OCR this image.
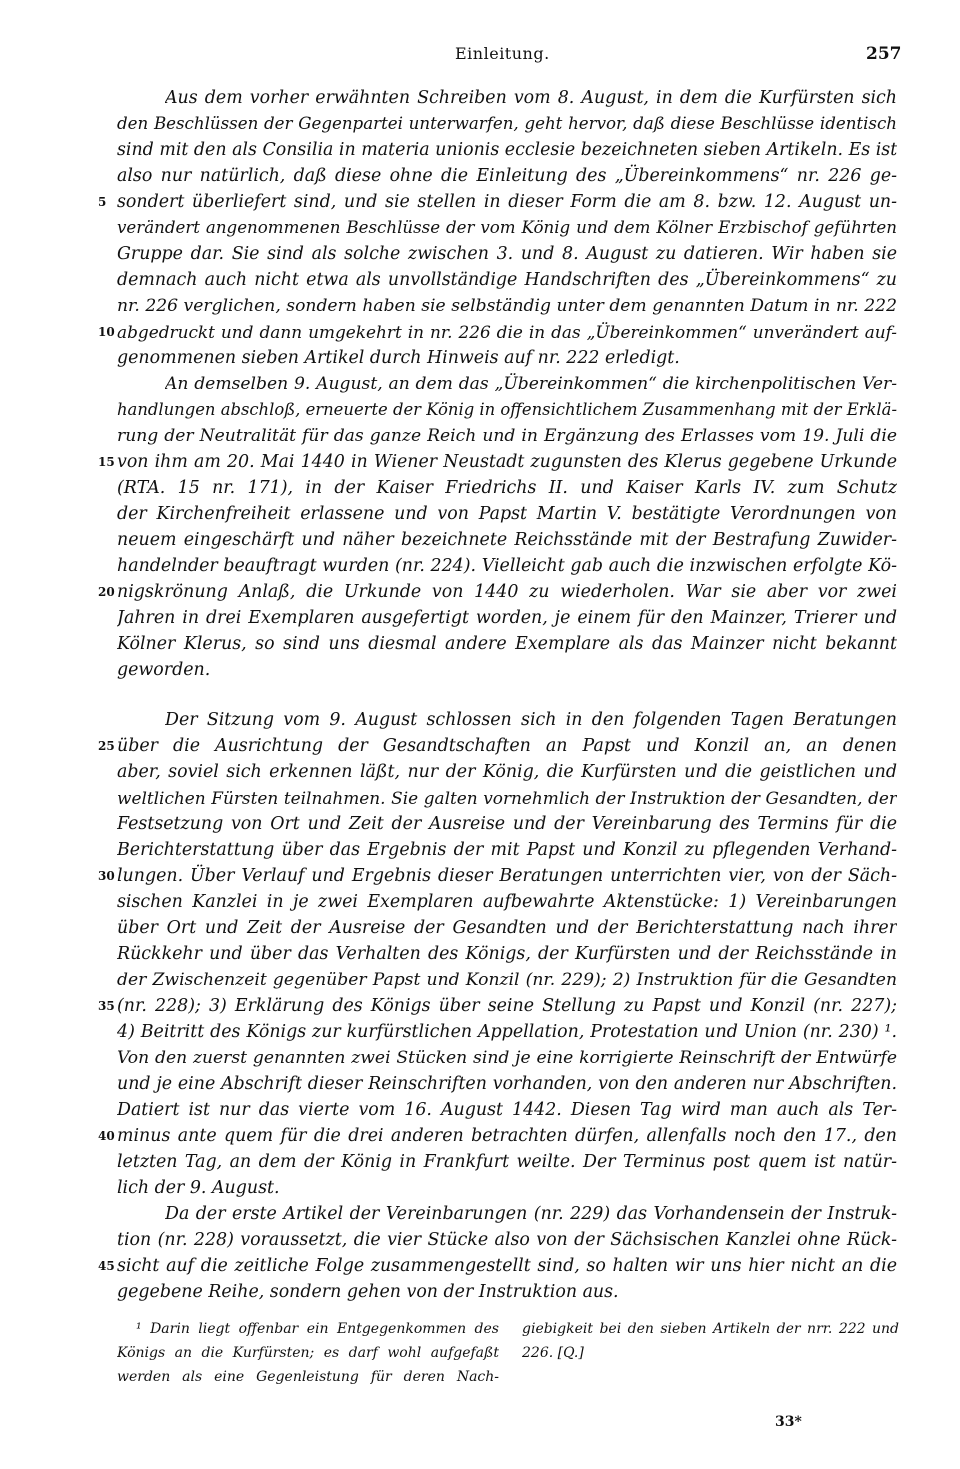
Einleitung.	257
Aus dem vorher erwähnten Schreiben vom 8. August, in dem die Kurfürsten sich
den Beschlüssen der Gegenpartei unterwarfen, geht hervor, daß diese Beschlüsse identisch
sind mit den als Consilia in materia unionis ecclesie bezeichneten sieben Artikeln. Es ist
also nur natürlich, daß diese ohne die Einleitung des „Übereinkommens“ nr. 226 ge-
sondert überliefert sind, und sie stellen in dieser Form die am 8. bzw. 12. August un-
verändert angenommenen Beschlüsse der vom König und dem Kölner Erzbischof geführten
Gruppe dar. Sie sind als solche zwischen 3. und 8. August zu datieren. Wir haben sie
demnach auch nicht etwa als unvollständige Handschriften des „Übereinkommens“ zu
nr. 226 verglichen, sondern haben sie selbständig unter dem genannten Datum in nr. 222
abgedruckt und dann umgekehrt in nr. 226 die in das „Übereinkommen“ unverändert auf-
genommenen sieben Artikel durch Hinweis auf nr. 222 erledigt.
An demselben 9. August, an dem das „Übereinkommen“ die kirchenpolitischen Ver-
handlungen abschloß, erneuerte der König in offensichtlichem Zusammenhang mit der Erklä-
rung der Neutralität für das ganze Reich und in Ergänzung des Erlasses vom 19. Juli die
von ihm am 20. Mai 1440 in Wiener Neustadt zugunsten des Klerus gegebene Urkunde
(RTA. 15 nr. 171), in der Kaiser Friedrichs II. und Kaiser Karls IV. zum Schutz
der Kirchenfreiheit erlassene und von Papst Martin V. bestätigte Verordnungen von
neuem eingeschärft und näher bezeichnete Reichsstände mit der Bestrafung Zuwider-
handelnder beauftragt wurden (nr. 224). Vielleicht gab auch die inzwischen erfolgte Kö-
nigskrönung Anlaß, die Urkunde von 1440 zu wiederholen. War sie aber vor zwei
Jahren in drei Exemplaren ausgefertigt worden, je einem für den Mainzer, Trierer und
Kölner Klerus, so sind uns diesmal andere Exemplare als das Mainzer nicht bekannt
geworden.
Der Sitzung vom 9. August schlossen sich in den folgenden Tagen Beratungen
über die Ausrichtung der Gesandtschaften an Papst und Konzil an, an denen
aber, soviel sich erkennen läßt, nur der König, die Kurfürsten und die geistlichen und
weltlichen Fürsten teilnahmen. Sie galten vornehmlich der Instruktion der Gesandten, der
Festsetzung von Ort und Zeit der Ausreise und der Vereinbarung des Termins für die
Berichterstattung über das Ergebnis der mit Papst und Konzil zu pflegenden Verhand-
lungen. Über Verlauf und Ergebnis dieser Beratungen unterrichten vier, von der Säch-
sischen Kanzlei in je zwei Exemplaren aufbewahrte Aktenstücke: 1) Vereinbarungen
über Ort und Zeit der Ausreise der Gesandten und der Berichterstattung nach ihrer
Rückkehr und über das Verhalten des Königs, der Kurfürsten und der Reichsstände in
der Zwischenzeit gegenüber Papst und Konzil (nr. 229); 2) Instruktion für die Gesandten
(nr. 228); 3) Erklärung des Königs über seine Stellung zu Papst und Konzil (nr. 227);
4) Beitritt des Königs zur kurfürstlichen Appellation, Protestation und Union (nr. 230) ¹.
Von den zuerst genannten zwei Stücken sind je eine korrigierte Reinschrift der Entwürfe
und je eine Abschrift dieser Reinschriften vorhanden, von den anderen nur Abschriften.
Datiert ist nur das vierte vom 16. August 1442. Diesen Tag wird man auch als Ter-
minus ante quem für die drei anderen betrachten dürfen, allenfalls noch den 17., den
letzten Tag, an dem der König in Frankfurt weilte. Der Terminus post quem ist natür-
lich der 9. August.
Da der erste Artikel der Vereinbarungen (nr. 229) das Vorhandensein der Instruk-
tion (nr. 228) voraussetzt, die vier Stücke also von der Sächsischen Kanzlei ohne Rück-
sicht auf die zeitliche Folge zusammengestellt sind, so halten wir uns hier nicht an die
gegebene Reihe, sondern gehen von der Instruktion aus.
5
10
15
20
25
30
35
40
45
¹ Darin liegt offenbar ein Entgegenkommen des
Königs an die Kurfürsten; es darf wohl aufgefaßt
werden als eine Gegenleistung für deren Nach-
giebigkeit bei den sieben Artikeln der nrr. 222 und
226. [Q.]
33*
